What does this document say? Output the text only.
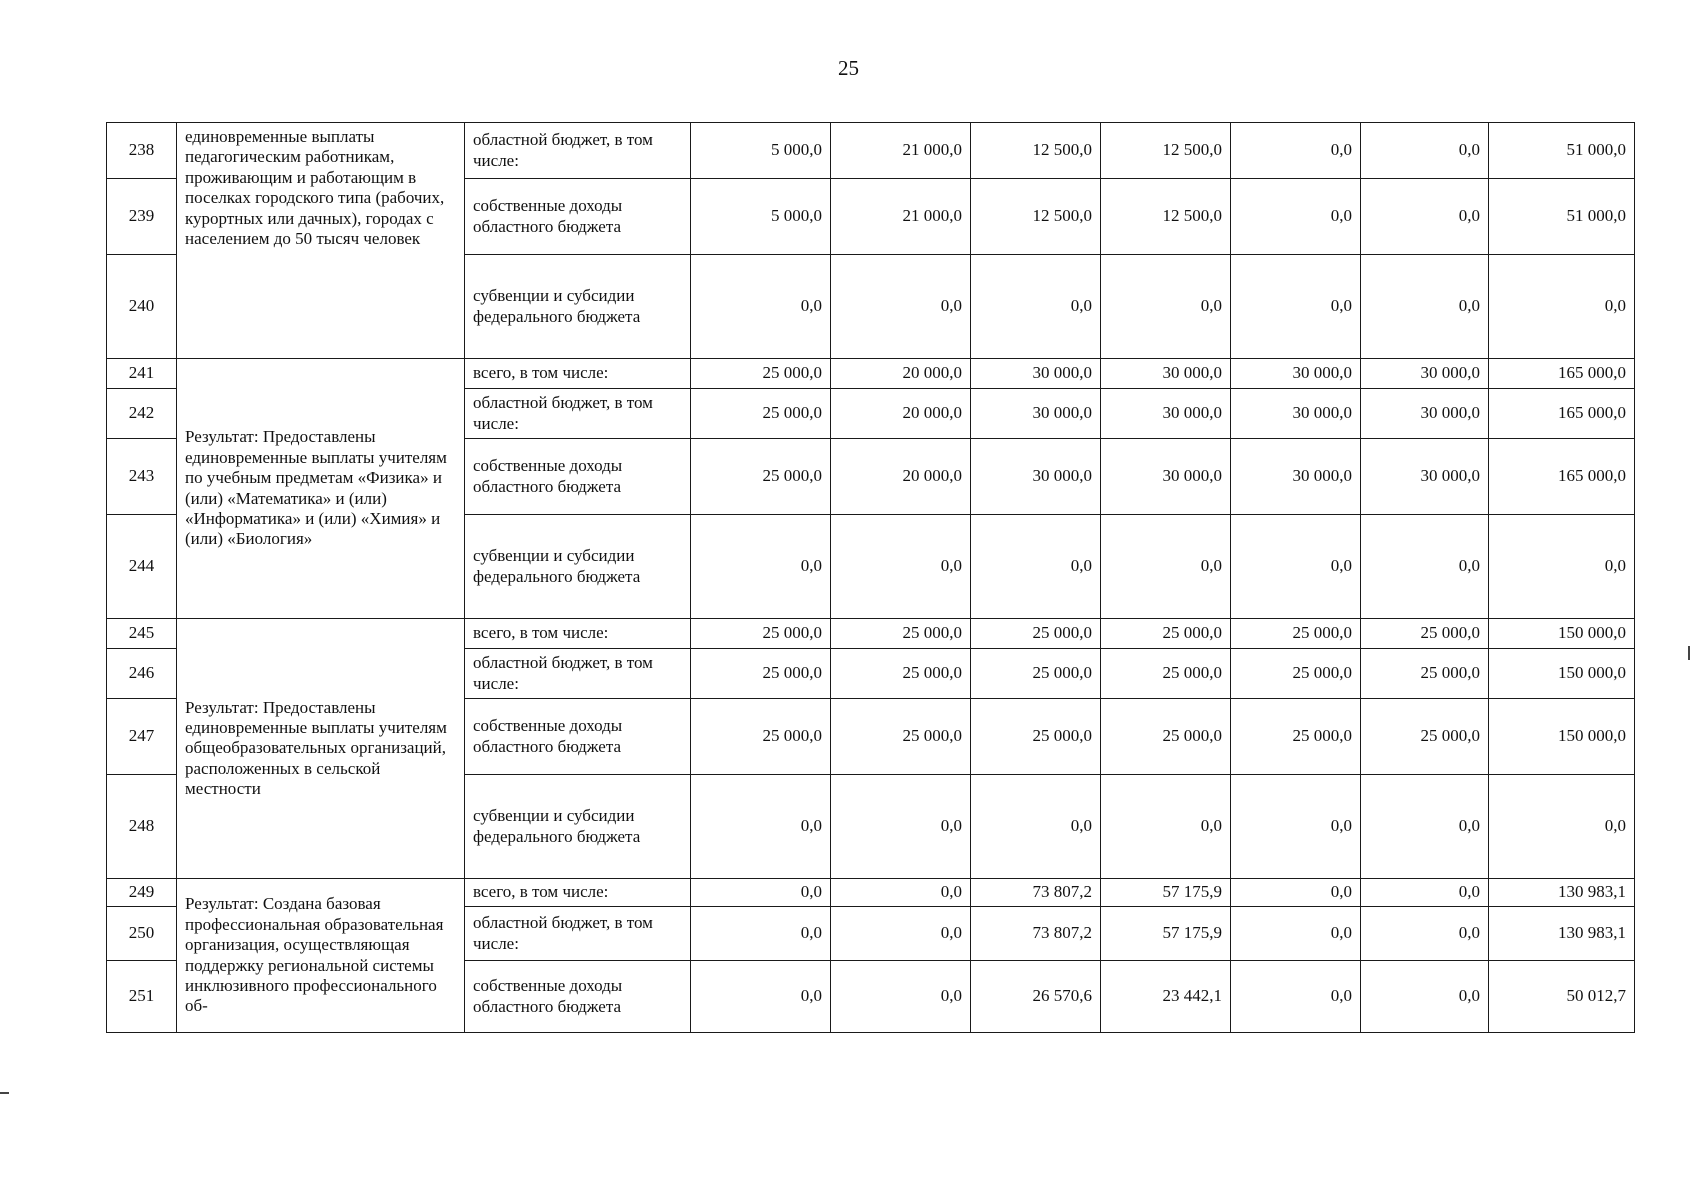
25
238	единовременные выплаты педагогическим работникам, проживающим и работающим в поселках городского типа (рабочих, курортных или дачных), городах с населением до 50 тысяч человек	областной бюджет, в том числе:	5 000,0	21 000,0	12 500,0	12 500,0	0,0	0,0	51 000,0
239		собственные доходы областного бюджета	5 000,0	21 000,0	12 500,0	12 500,0	0,0	0,0	51 000,0
240		субвенции и субсидии федерального бюджета	0,0	0,0	0,0	0,0	0,0	0,0	0,0
241	Результат: Предоставлены единовременные выплаты учителям по учебным предметам «Физика» и (или) «Математика» и (или) «Информатика» и (или) «Химия» и (или) «Биология»	всего, в том числе:	25 000,0	20 000,0	30 000,0	30 000,0	30 000,0	30 000,0	165 000,0
242		областной бюджет, в том числе:	25 000,0	20 000,0	30 000,0	30 000,0	30 000,0	30 000,0	165 000,0
243		собственные доходы областного бюджета	25 000,0	20 000,0	30 000,0	30 000,0	30 000,0	30 000,0	165 000,0
244		субвенции и субсидии федерального бюджета	0,0	0,0	0,0	0,0	0,0	0,0	0,0
245	Результат: Предоставлены единовременные выплаты учителям общеобразовательных организаций, расположенных в сельской местности	всего, в том числе:	25 000,0	25 000,0	25 000,0	25 000,0	25 000,0	25 000,0	150 000,0
246		областной бюджет, в том числе:	25 000,0	25 000,0	25 000,0	25 000,0	25 000,0	25 000,0	150 000,0
247		собственные доходы областного бюджета	25 000,0	25 000,0	25 000,0	25 000,0	25 000,0	25 000,0	150 000,0
248		субвенции и субсидии федерального бюджета	0,0	0,0	0,0	0,0	0,0	0,0	0,0
249	Результат: Создана базовая профессиональная образовательная организация, осуществляющая поддержку региональной системы инклюзивного профессионального об-	всего, в том числе:	0,0	0,0	73 807,2	57 175,9	0,0	0,0	130 983,1
250		областной бюджет, в том числе:	0,0	0,0	73 807,2	57 175,9	0,0	0,0	130 983,1
251		собственные доходы областного бюджета	0,0	0,0	26 570,6	23 442,1	0,0	0,0	50 012,7
